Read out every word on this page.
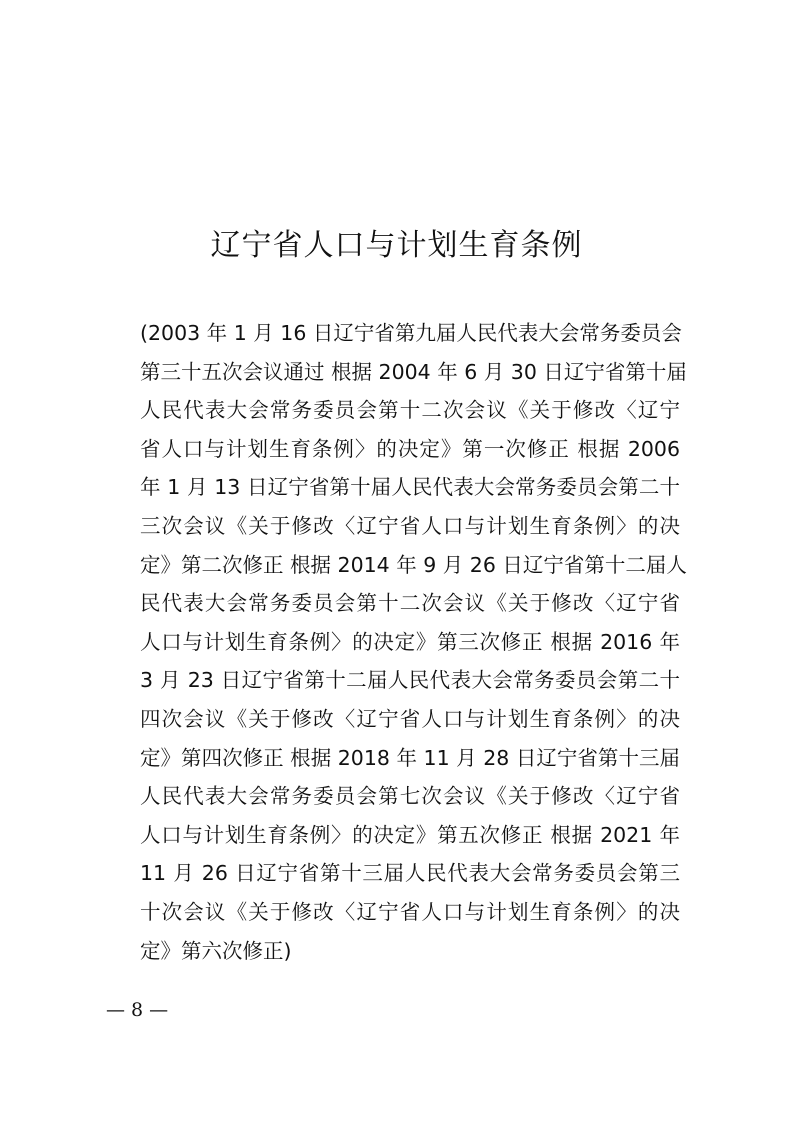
辽宁省人口与计划生育条例
(2003 年 1 月 16 日辽宁省第九届人民代表大会常务委员会
第三十五次会议通过 根据 2004 年 6 月 30 日辽宁省第十届
人民代表大会常务委员会第十二次会议《关于修改〈辽宁
省人口与计划生育条例〉的决定》第一次修正 根据 2006
年 1 月 13 日辽宁省第十届人民代表大会常务委员会第二十
三次会议《关于修改〈辽宁省人口与计划生育条例〉的决
定》第二次修正 根据 2014 年 9 月 26 日辽宁省第十二届人
民代表大会常务委员会第十二次会议《关于修改〈辽宁省
人口与计划生育条例〉的决定》第三次修正 根据 2016 年
3 月 23 日辽宁省第十二届人民代表大会常务委员会第二十
四次会议《关于修改〈辽宁省人口与计划生育条例〉的决
定》第四次修正 根据 2018 年 11 月 28 日辽宁省第十三届
人民代表大会常务委员会第七次会议《关于修改〈辽宁省
人口与计划生育条例〉的决定》第五次修正 根据 2021 年
11 月 26 日辽宁省第十三届人民代表大会常务委员会第三
十次会议《关于修改〈辽宁省人口与计划生育条例〉的决
定》第六次修正)
— 8 —
